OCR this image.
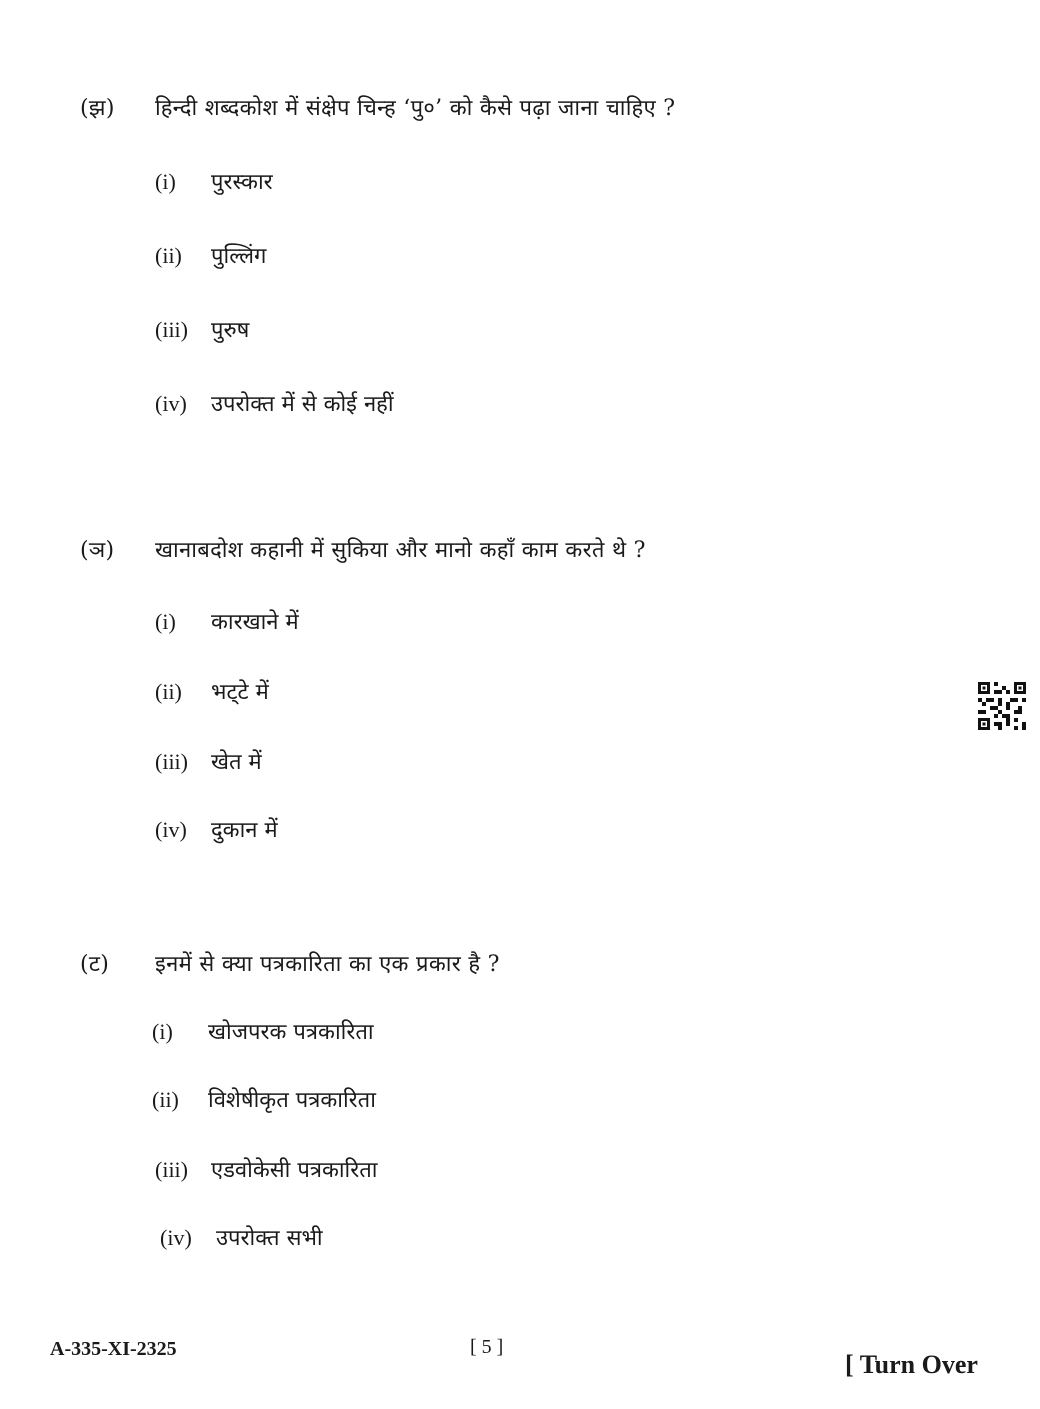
(झ)	हिन्दी शब्दकोश में संक्षेप चिन्ह ‘पु०’ को कैसे पढ़ा जाना चाहिए ?
(i)	पुरस्कार
(ii)	पुल्लिंग
(iii)	पुरुष
(iv)	उपरोक्त में से कोई नहीं
(ञ)	खानाबदोश कहानी में सुकिया और मानो कहाँ काम करते थे ?
(i)	कारखाने में
(ii)	भट्‌टे में
(iii)	खेत में
(iv)	दुकान में
(ट)	इनमें से क्या पत्रकारिता का एक प्रकार है ?
(i)	खोजपरक पत्रकारिता
(ii)	विशेषीकृत पत्रकारिता
(iii)	एडवोकेसी पत्रकारिता
(iv)	उपरोक्त सभी
A-335-XI-2325	[ 5 ]
[ Turn Over
